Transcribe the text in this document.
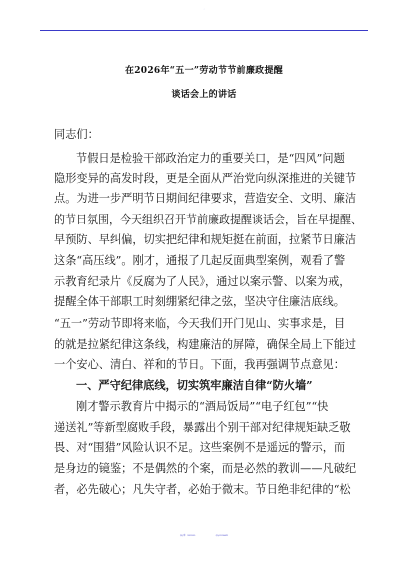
在2026年“五一”劳动节节前廉政提醒
谈话会上的讲话
同志们：
节假日是检验干部政治定力的重要关口，是“四风”问题
隐形变异的高发时段，更是全面从严治党向纵深推进的关键节
点。为进一步严明节日期间纪律要求，营造安全、文明、廉洁
的节日氛围，今天组织召开节前廉政提醒谈话会，旨在早提醒、
早预防、早纠偏，切实把纪律和规矩挺在前面，拉紧节日廉洁
这条“高压线”。刚才，通报了几起反面典型案例，观看了警
示教育纪录片《反腐为了人民》，通过以案示警、以案为戒，
提醒全体干部职工时刻绷紧纪律之弦，坚决守住廉洁底线。
“五一”劳动节即将来临，今天我们开门见山、实事求是，目
的就是拉紧纪律这条线，构建廉洁的屏障，确保全局上下能过
一个安心、清白、祥和的节日。下面，我再强调节点意见：
一、严守纪律底线，切实筑牢廉洁自律“防火墙”
刚才警示教育片中揭示的“酒局饭局”“电子红包”“快
递送礼”等新型腐败手段，暴露出个别干部对纪律规矩缺乏敬
畏、对“围猎”风险认识不足。这些案例不是遥远的警示，而
是身边的镜鉴；不是偶然的个案，而是必然的教训——凡破纪
者，必先破心；凡失守者，必始于微末。节日绝非纪律的“松
QQ 群：30265665	QQ:535304092
